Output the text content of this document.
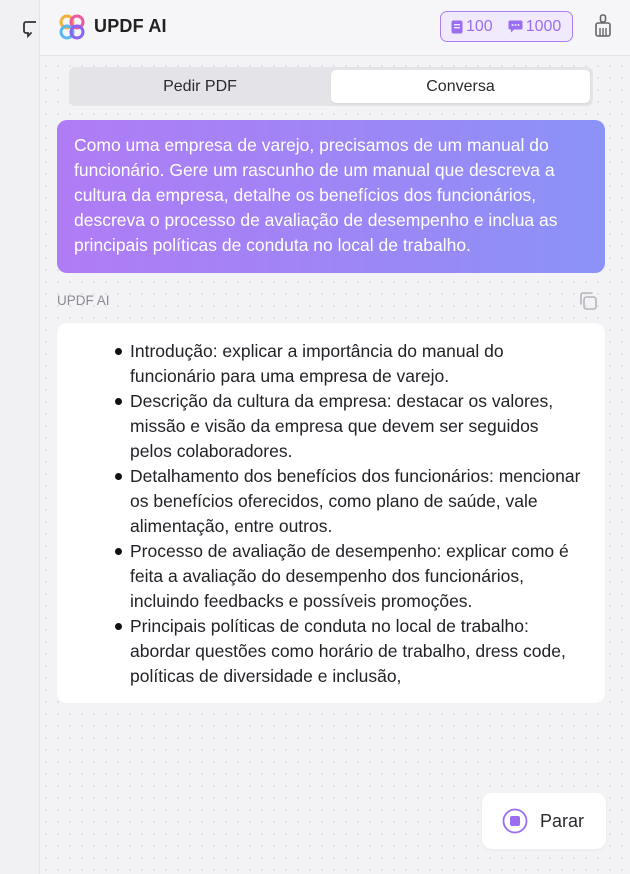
UPDF AI	100 1000
Pedir PDF	Conversa
Como uma empresa de varejo, precisamos de um manual do funcionário. Gere um rascunho de um manual que descreva a cultura da empresa, detalhe os benefícios dos funcionários, descreva o processo de avaliação de desempenho e inclua as principais políticas de conduta no local de trabalho.
UPDF AI
Introdução: explicar a importância do manual do funcionário para uma empresa de varejo.
Descrição da cultura da empresa: destacar os valores, missão e visão da empresa que devem ser seguidos pelos colaboradores.
Detalhamento dos benefícios dos funcionários: mencionar os benefícios oferecidos, como plano de saúde, vale alimentação, entre outros.
Processo de avaliação de desempenho: explicar como é feita a avaliação do desempenho dos funcionários, incluindo feedbacks e possíveis promoções.
Principais políticas de conduta no local de trabalho: abordar questões como horário de trabalho, dress code, políticas de diversidade e inclusão,
Parar
